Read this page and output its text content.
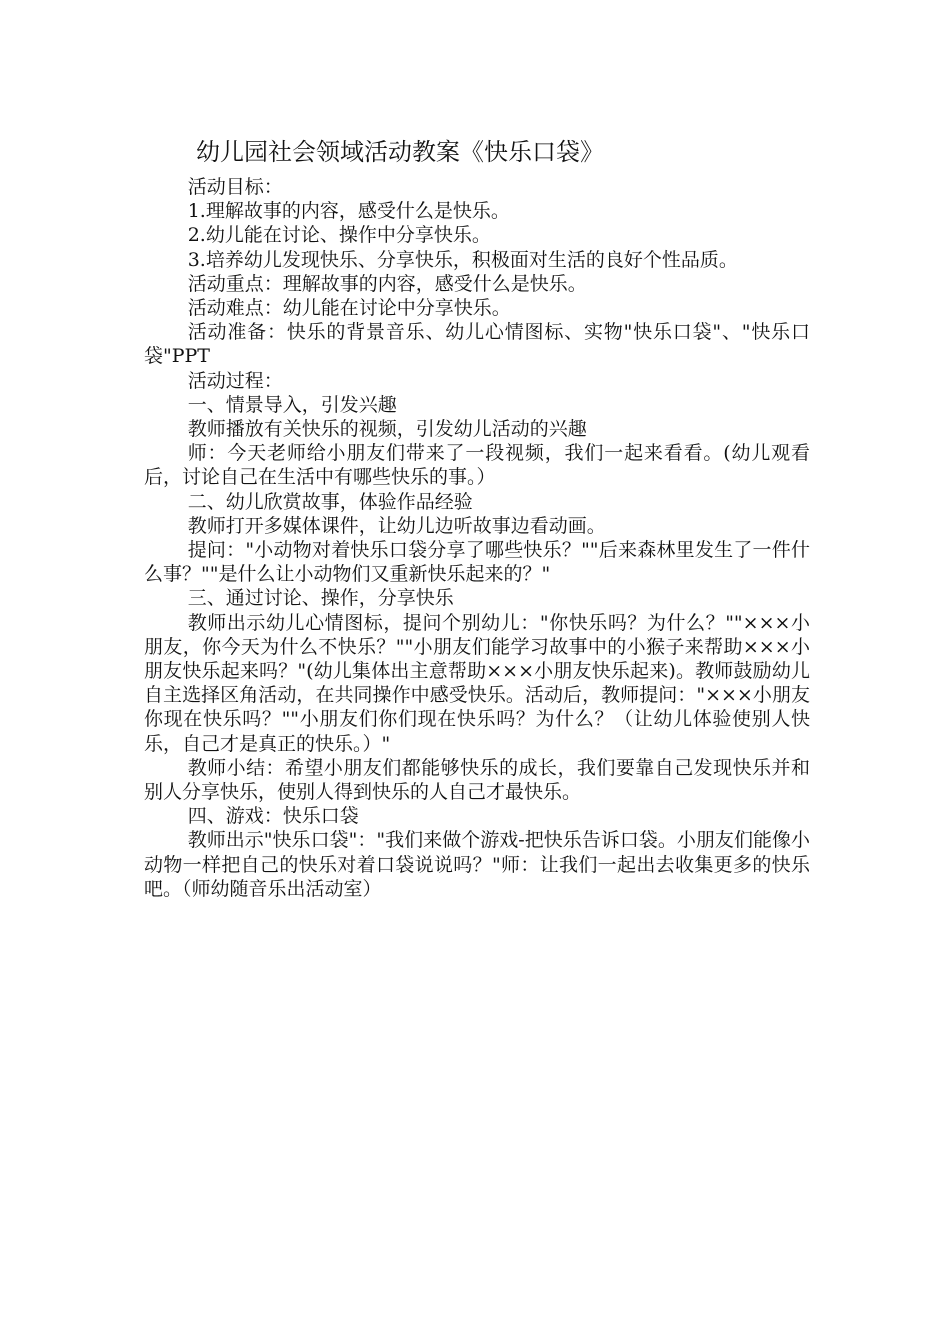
幼儿园社会领域活动教案《快乐口袋》

活动目标：

1.理解故事的内容，感受什么是快乐。

2.幼儿能在讨论、操作中分享快乐。

3.培养幼儿发现快乐、分享快乐，积极面对生活的良好个性品质。

活动重点：理解故事的内容，感受什么是快乐。

活动难点：幼儿能在讨论中分享快乐。

活动准备：快乐的背景音乐、幼儿心情图标、实物"快乐口袋"、"快乐口袋"PPT

活动过程：

一、情景导入，引发兴趣

教师播放有关快乐的视频，引发幼儿活动的兴趣

师：今天老师给小朋友们带来了一段视频，我们一起来看看。(幼儿观看后，讨论自己在生活中有哪些快乐的事。）

二、幼儿欣赏故事，体验作品经验

教师打开多媒体课件，让幼儿边听故事边看动画。

提问："小动物对着快乐口袋分享了哪些快乐？""后来森林里发生了一件什么事？""是什么让小动物们又重新快乐起来的？"

三、通过讨论、操作，分享快乐

教师出示幼儿心情图标，提问个别幼儿："你快乐吗？为什么？""×××小朋友，你今天为什么不快乐？""小朋友们能学习故事中的小猴子来帮助×××小朋友快乐起来吗？"(幼儿集体出主意帮助×××小朋友快乐起来)。教师鼓励幼儿自主选择区角活动，在共同操作中感受快乐。活动后，教师提问："×××小朋友你现在快乐吗？""小朋友们你们现在快乐吗？为什么？（让幼儿体验使别人快乐，自己才是真正的快乐。）"

教师小结：希望小朋友们都能够快乐的成长，我们要靠自己发现快乐并和别人分享快乐，使别人得到快乐的人自己才最快乐。

四、游戏：快乐口袋

教师出示"快乐口袋"："我们来做个游戏-把快乐告诉口袋。小朋友们能像小动物一样把自己的快乐对着口袋说说吗？"师：让我们一起出去收集更多的快乐吧。（师幼随音乐出活动室）
